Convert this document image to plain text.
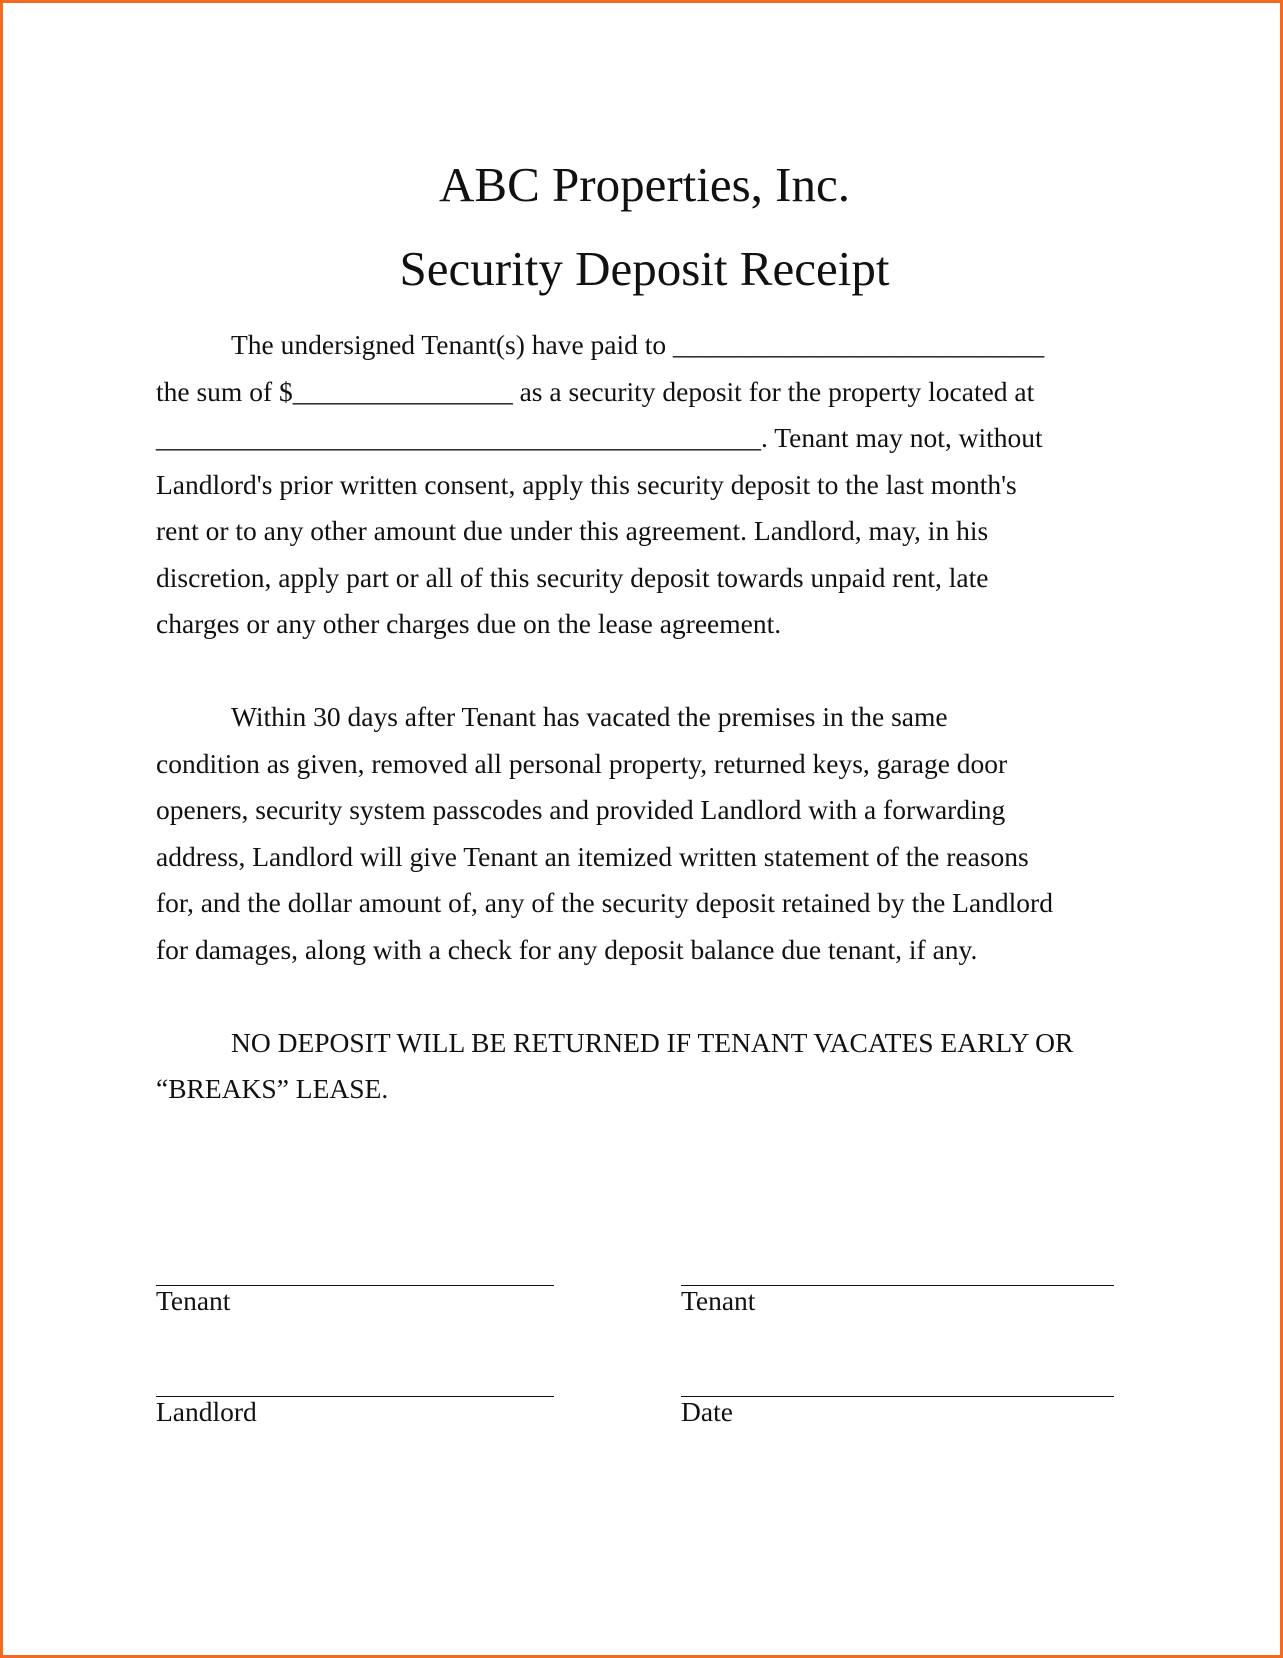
ABC Properties, Inc.
Security Deposit Receipt
The undersigned Tenant(s) have paid to ___________________________
the sum of $________________ as a security deposit for the property located at
____________________________________________. Tenant may not, without
Landlord's prior written consent, apply this security deposit to the last month's
rent or to any other amount due under this agreement. Landlord, may, in his
discretion, apply part or all of this security deposit towards unpaid rent, late
charges or any other charges due on the lease agreement.
Within 30 days after Tenant has vacated the premises in the same
condition as given, removed all personal property, returned keys, garage door
openers, security system passcodes and provided Landlord with a forwarding
address, Landlord will give Tenant an itemized written statement of the reasons
for, and the dollar amount of, any of the security deposit retained by the Landlord
for damages, along with a check for any deposit balance due tenant, if any.
NO DEPOSIT WILL BE RETURNED IF TENANT VACATES EARLY OR
“BREAKS” LEASE.
Tenant	Tenant
Landlord	Date
